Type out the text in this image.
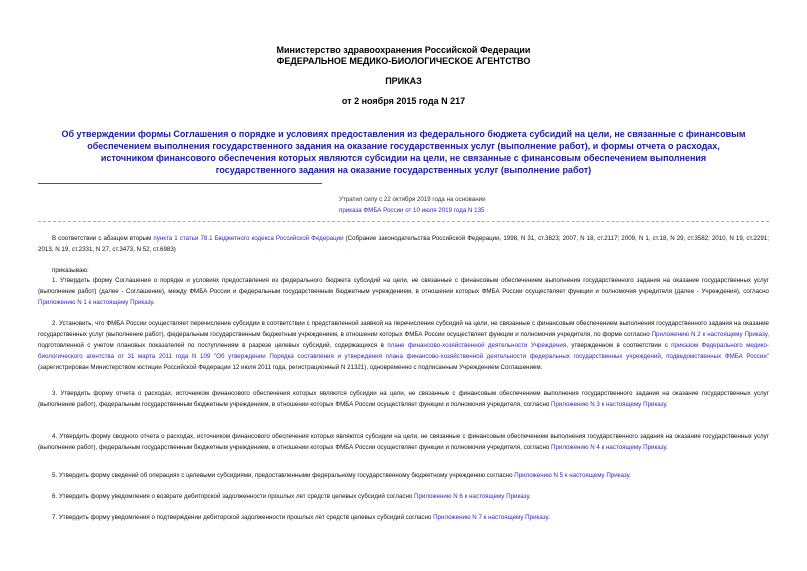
Министерство здравоохранения Российской Федерации
ФЕДЕРАЛЬНОЕ МЕДИКО-БИОЛОГИЧЕСКОЕ АГЕНТСТВО
ПРИКАЗ
от 2 ноября 2015 года N 217
Об утверждении формы Соглашения о порядке и условиях предоставления из федерального бюджета субсидий на цели, не связанные с финансовым обеспечением выполнения государственного задания на оказание государственных услуг (выполнение работ), и формы отчета о расходах, источником финансового обеспечения которых являются субсидии на цели, не связанные с финансовым обеспечением выполнения государственного задания на оказание государственных услуг (выполнение работ)
Утратил силу с 22 октября 2019 года на основании
приказа ФМБА России от 10 июля 2019 года N 135
В соответствии с абзацем вторым пункта 1 статьи 78.1 Бюджетного кодекса Российской Федерации (Собрание законодательства Российской Федерации, 1998, N 31, ст.3823; 2007, N 18, ст.2117; 2009, N 1, ст.18, N 29, ст.3582; 2010, N 19, ст.2291; 2013, N 19, ст.2331, N 27, ст.3473, N 52, ст.6983)
приказываю:
1. Утвердить форму Соглашения о порядке и условиях предоставления из федерального бюджета субсидий на цели, не связанные с финансовым обеспечением выполнения государственного задания на оказание государственных услуг (выполнение работ) (далее - Соглашение), между ФМБА России и федеральным государственным бюджетным учреждением, в отношении которых ФМБА России осуществляет функции и полномочия учредителя (далее - Учреждения), согласно Приложению N 1 к настоящему Приказу.
2. Установить, что ФМБА России осуществляет перечисление субсидии в соответствии с представленной заявкой на перечисление субсидий на цели, не связанные с финансовым обеспечением выполнения государственного задания на оказание государственных услуг (выполнение работ), федеральным государственным бюджетным учреждением, в отношении которых ФМБА России осуществляет функции и полномочия учредителя, по форме согласно Приложению N 2 к настоящему Приказу, подготовленной с учетом плановых показателей по поступлениям в разрезе целевых субсидий, содержащихся в плане финансово-хозяйственной деятельности Учреждения, утвержденном в соответствии с приказом Федерального медико-биологического агентства от 31 марта 2011 года N 109 "Об утверждении Порядка составления и утверждения плана финансово-хозяйственной деятельности федеральных государственных учреждений, подведомственных ФМБА России" (зарегистрирован Министерством юстиции Российской Федерации 12 июля 2011 года, регистрационный N 21321), одновременно с подписанным Учреждением Соглашением.
3. Утвердить форму отчета о расходах, источником финансового обеспечения которых являются субсидии на цели, не связанные с финансовым обеспечением выполнения государственного задания на оказание государственных услуг (выполнение работ), федеральным государственным бюджетным учреждением, в отношении которых ФМБА России осуществляет функции и полномочия учредителя, согласно Приложению N 3 к настоящему Приказу.
4. Утвердить форму сводного отчета о расходах, источником финансового обеспечения которых являются субсидии на цели, не связанные с финансовым обеспечением выполнения государственного задания на оказание государственных услуг (выполнение работ), федеральным государственным бюджетным учреждением, в отношении которых ФМБА России осуществляет функции и полномочия учредителя, согласно Приложению N 4 к настоящему Приказу.
5. Утвердить форму сведений об операциях с целевыми субсидиями, предоставленными федеральному государственному бюджетному учреждению согласно Приложению N 5 к настоящему Приказу.
6. Утвердить форму уведомления о возврате дебиторской задолженности прошлых лет средств целевых субсидий согласно Приложению N 6 к настоящему Приказу.
7. Утвердить форму уведомления о подтверждении дебиторской задолженности прошлых лет средств целевых субсидий согласно Приложению N 7 к настоящему Приказу.
